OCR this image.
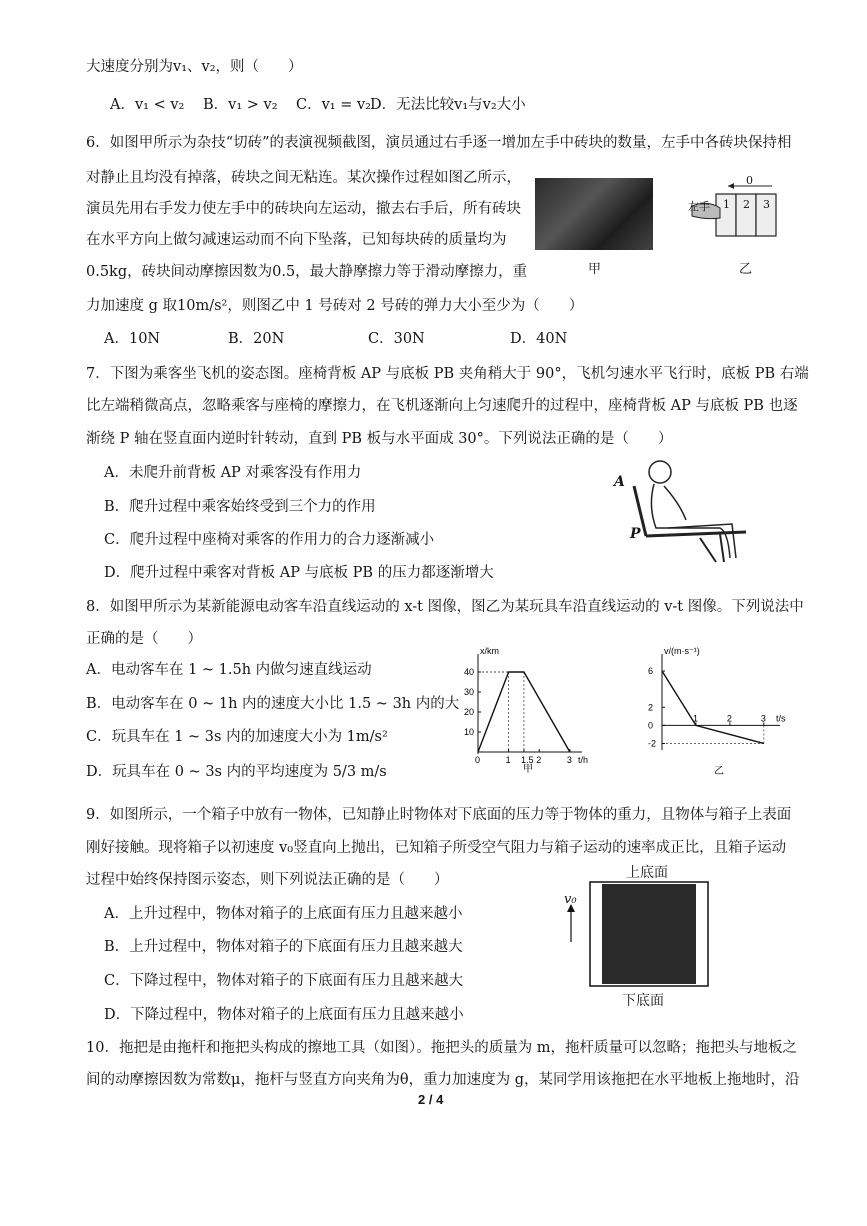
大速度分别为v₁、v₂，则（　　）
A．v₁ < v₂ B．v₁ > v₂ C．v₁ = v₂ D．无法比较v₁与v₂大小
6．如图甲所示为杂技“切砖”的表演视频截图，演员通过右手逐一增加左手中砖块的数量，左手中各砖块保持相
对静止且均没有掉落，砖块之间无粘连。某次操作过程如图乙所示，
演员先用右手发力使左手中的砖块向左运动，撤去右手后，所有砖块
在水平方向上做匀减速运动而不向下坠落，已知每块砖的质量均为
0.5kg，砖块间动摩擦因数为0.5，最大静摩擦力等于滑动摩擦力，重
力加速度 g 取10m/s²，则图乙中 1 号砖对 2 号砖的弹力大小至少为（　　）
A．10N	B．20N	C．30N	D．40N
甲
0
左手 1 2 3
乙
7．下图为乘客坐飞机的姿态图。座椅背板 AP 与底板 PB 夹角稍大于 90°，飞机匀速水平飞行时，底板 PB 右端
比左端稍微高点，忽略乘客与座椅的摩擦力，在飞机逐渐向上匀速爬升的过程中，座椅背板 AP 与底板 PB 也逐
渐绕 P 轴在竖直面内逆时针转动，直到 PB 板与水平面成 30°。下列说法正确的是（　　）
A．未爬升前背板 AP 对乘客没有作用力
B．爬升过程中乘客始终受到三个力的作用
C．爬升过程中座椅对乘客的作用力的合力逐渐减小
D．爬升过程中乘客对背板 AP 与底板 PB 的压力都逐渐增大
A
P
8．如图甲所示为某新能源电动客车沿直线运动的 x-t 图像，图乙为某玩具车沿直线运动的 v-t 图像。下列说法中
正确的是（　　）
A．电动客车在 1 ~ 1.5h 内做匀速直线运动
B．电动客车在 0 ~ 1h 内的速度大小比 1.5 ~ 3h 内的大
C．玩具车在 1 ~ 3s 内的加速度大小为 1m/s²
D．玩具车在 0 ~ 3s 内的平均速度为 5/3 m/s
0	1 1.5 2	3
10
20
30
40
x/km
t/h
甲
1	2	3
6
2
0
-2
v/(m·s⁻¹)
t/s
乙
9．如图所示，一个箱子中放有一物体，已知静止时物体对下底面的压力等于物体的重力，且物体与箱子上表面
刚好接触。现将箱子以初速度 v₀竖直向上抛出，已知箱子所受空气阻力与箱子运动的速率成正比，且箱子运动
过程中始终保持图示姿态，则下列说法正确的是（　　）
A．上升过程中，物体对箱子的上底面有压力且越来越小
B．上升过程中，物体对箱子的下底面有压力且越来越大
C．下降过程中，物体对箱子的下底面有压力且越来越大
D．下降过程中，物体对箱子的上底面有压力且越来越小
上底面
v₀
下底面
10．拖把是由拖杆和拖把头构成的擦地工具（如图）。拖把头的质量为 m，拖杆质量可以忽略；拖把头与地板之
间的动摩擦因数为常数μ，拖杆与竖直方向夹角为θ，重力加速度为 g，某同学用该拖把在水平地板上拖地时，沿
2 / 4
